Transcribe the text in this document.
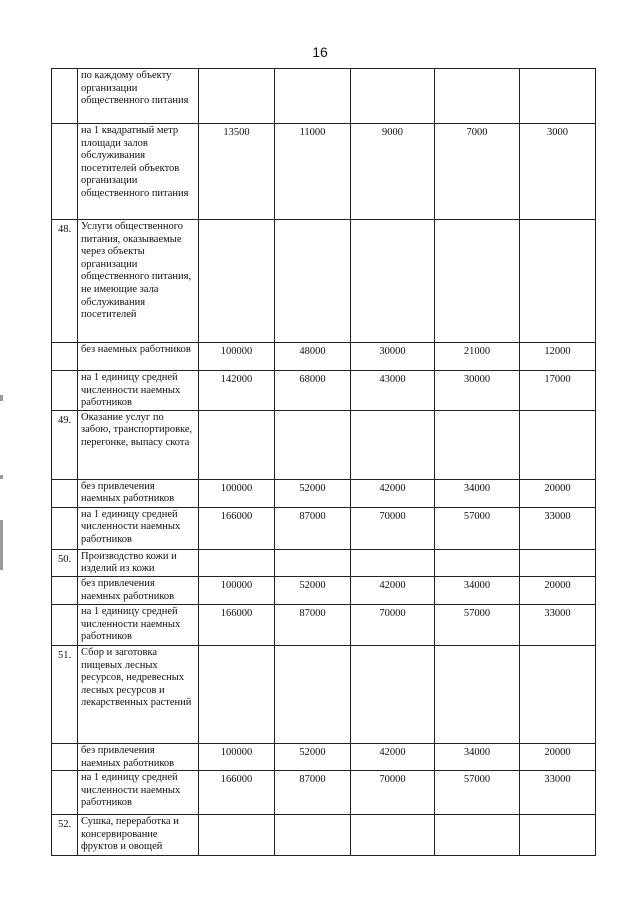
16
	по каждому объекту организации общественного питания					
	на 1 квадратный метр площади залов обслуживания посетителей объектов организации общественного питания	13500	11000	9000	7000	3000
48.	Услуги общественного питания, оказываемые через объекты организации общественного питания, не имеющие зала обслуживания посетителей					
	без наемных работников	100000	48000	30000	21000	12000
	на 1 единицу средней численности наемных работников	142000	68000	43000	30000	17000
49.	Оказание услуг по забою, транспортировке, перегонке, выпасу скота					
	без привлечения наемных работников	100000	52000	42000	34000	20000
	на 1 единицу средней численности наемных работников	166000	87000	70000	57000	33000
50.	Производство кожи и изделий из кожи					
	без привлечения наемных работников	100000	52000	42000	34000	20000
	на 1 единицу средней численности наемных работников	166000	87000	70000	57000	33000
51.	Сбор и заготовка пищевых лесных ресурсов, недревесных лесных ресурсов и лекарственных растений					
	без привлечения наемных работников	100000	52000	42000	34000	20000
	на 1 единицу средней численности наемных работников	166000	87000	70000	57000	33000
52.	Сушка, переработка и консервирование фруктов и овощей					
